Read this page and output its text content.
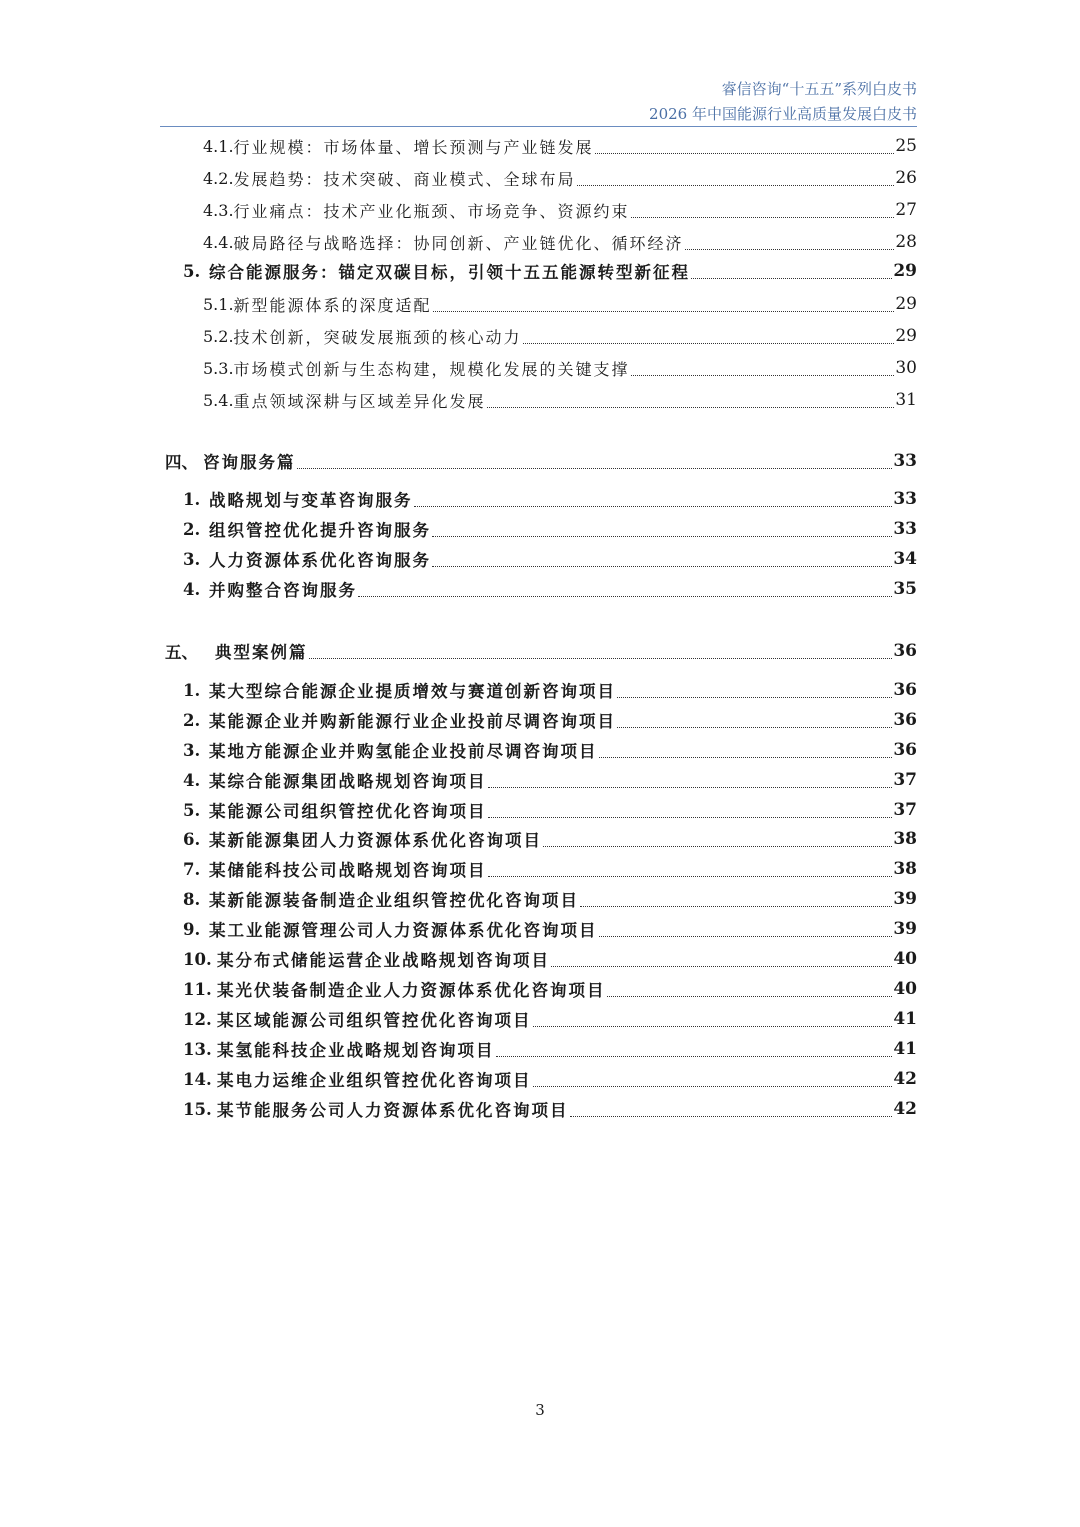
睿信咨询“十五五”系列白皮书
2026 年中国能源行业高质量发展白皮书
4.1. 行业规模：市场体量、增长预测与产业链发展	25
4.2. 发展趋势：技术突破、商业模式、全球布局	26
4.3. 行业痛点：技术产业化瓶颈、市场竞争、资源约束	27
4.4. 破局路径与战略选择：协同创新、产业链优化、循环经济	28
5. 综合能源服务：锚定双碳目标，引领十五五能源转型新征程	29
5.1. 新型能源体系的深度适配	29
5.2. 技术创新，突破发展瓶颈的核心动力	29
5.3. 市场模式创新与生态构建，规模化发展的关键支撑	30
5.4. 重点领域深耕与区域差异化发展	31
四、 咨询服务篇	33
1. 战略规划与变革咨询服务	33
2. 组织管控优化提升咨询服务	33
3. 人力资源体系优化咨询服务	34
4. 并购整合咨询服务	35
五、	典型案例篇	36
1. 某大型综合能源企业提质增效与赛道创新咨询项目	36
2. 某能源企业并购新能源行业企业投前尽调咨询项目	36
3. 某地方能源企业并购氢能企业投前尽调咨询项目	36
4. 某综合能源集团战略规划咨询项目	37
5. 某能源公司组织管控优化咨询项目	37
6. 某新能源集团人力资源体系优化咨询项目	38
7. 某储能科技公司战略规划咨询项目	38
8. 某新能源装备制造企业组织管控优化咨询项目	39
9. 某工业能源管理公司人力资源体系优化咨询项目	39
10. 某分布式储能运营企业战略规划咨询项目	40
11. 某光伏装备制造企业人力资源体系优化咨询项目	40
12. 某区域能源公司组织管控优化咨询项目	41
13. 某氢能科技企业战略规划咨询项目	41
14. 某电力运维企业组织管控优化咨询项目	42
15. 某节能服务公司人力资源体系优化咨询项目	42
3
